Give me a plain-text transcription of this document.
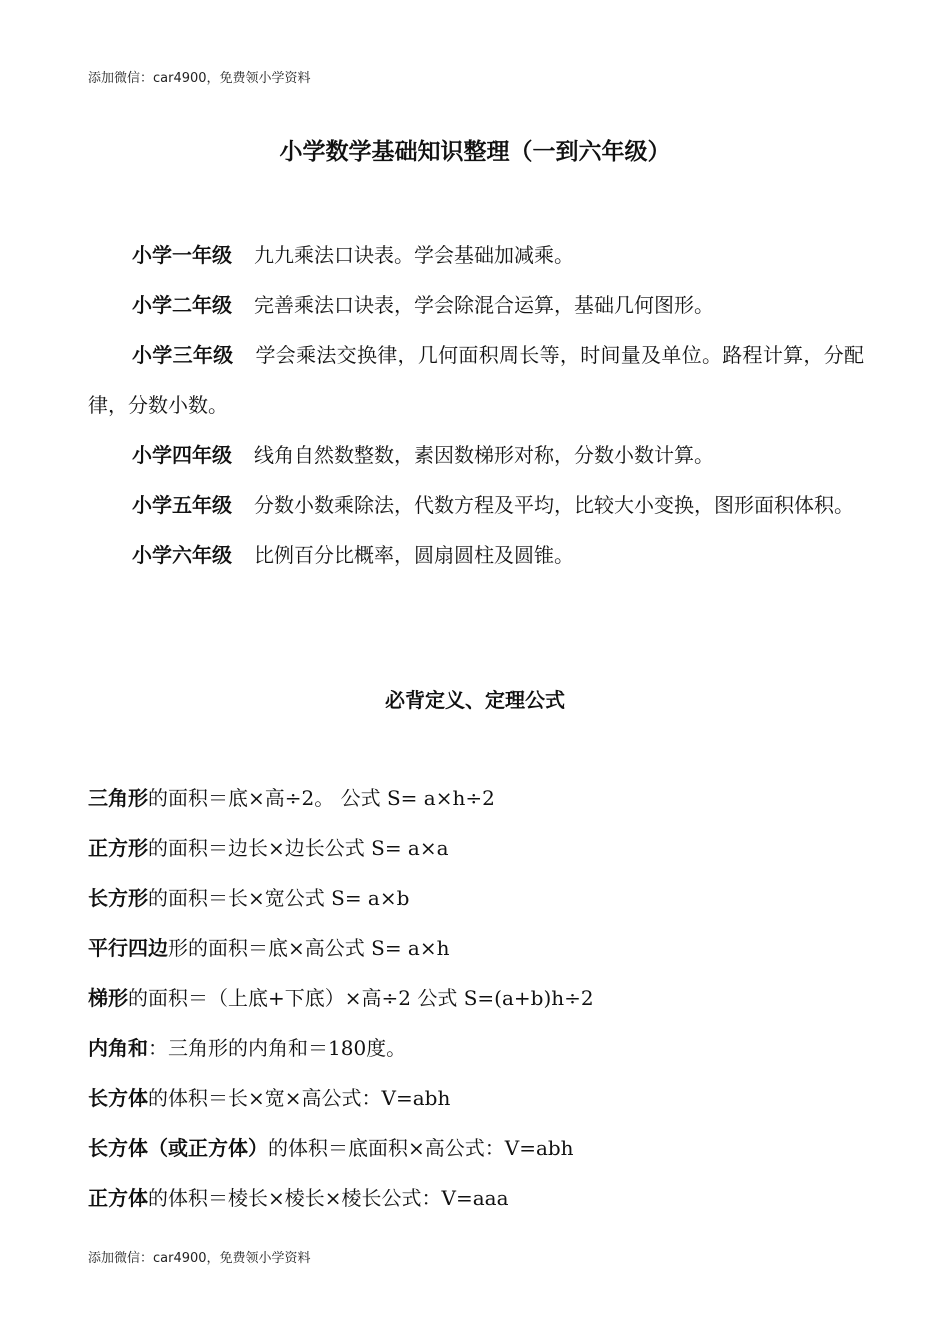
添加微信：car4900，免费领小学资料
小学数学基础知识整理（一到六年级）

小学一年级 九九乘法口诀表。学会基础加减乘。

小学二年级 完善乘法口诀表，学会除混合运算，基础几何图形。

小学三年级 学会乘法交换律，几何面积周长等，时间量及单位。路程计算，分配律，分数小数。

小学四年级 线角自然数整数，素因数梯形对称，分数小数计算。

小学五年级 分数小数乘除法，代数方程及平均，比较大小变换，图形面积体积。

小学六年级 比例百分比概率，圆扇圆柱及圆锥。

必背定义、定理公式

三角形的面积＝底×高÷2。 公式 S= a×h÷2

正方形的面积＝边长×边长公式 S= a×a

长方形的面积＝长×宽公式 S= a×b

平行四边形的面积＝底×高公式 S= a×h

梯形的面积＝（上底+下底）×高÷2 公式 S=(a+b)h÷2

内角和：三角形的内角和＝180度。

长方体的体积＝长×宽×高公式：V=abh

长方体（或正方体）的体积＝底面积×高公式：V=abh

正方体的体积＝棱长×棱长×棱长公式：V=aaa

添加微信：car4900，免费领小学资料
